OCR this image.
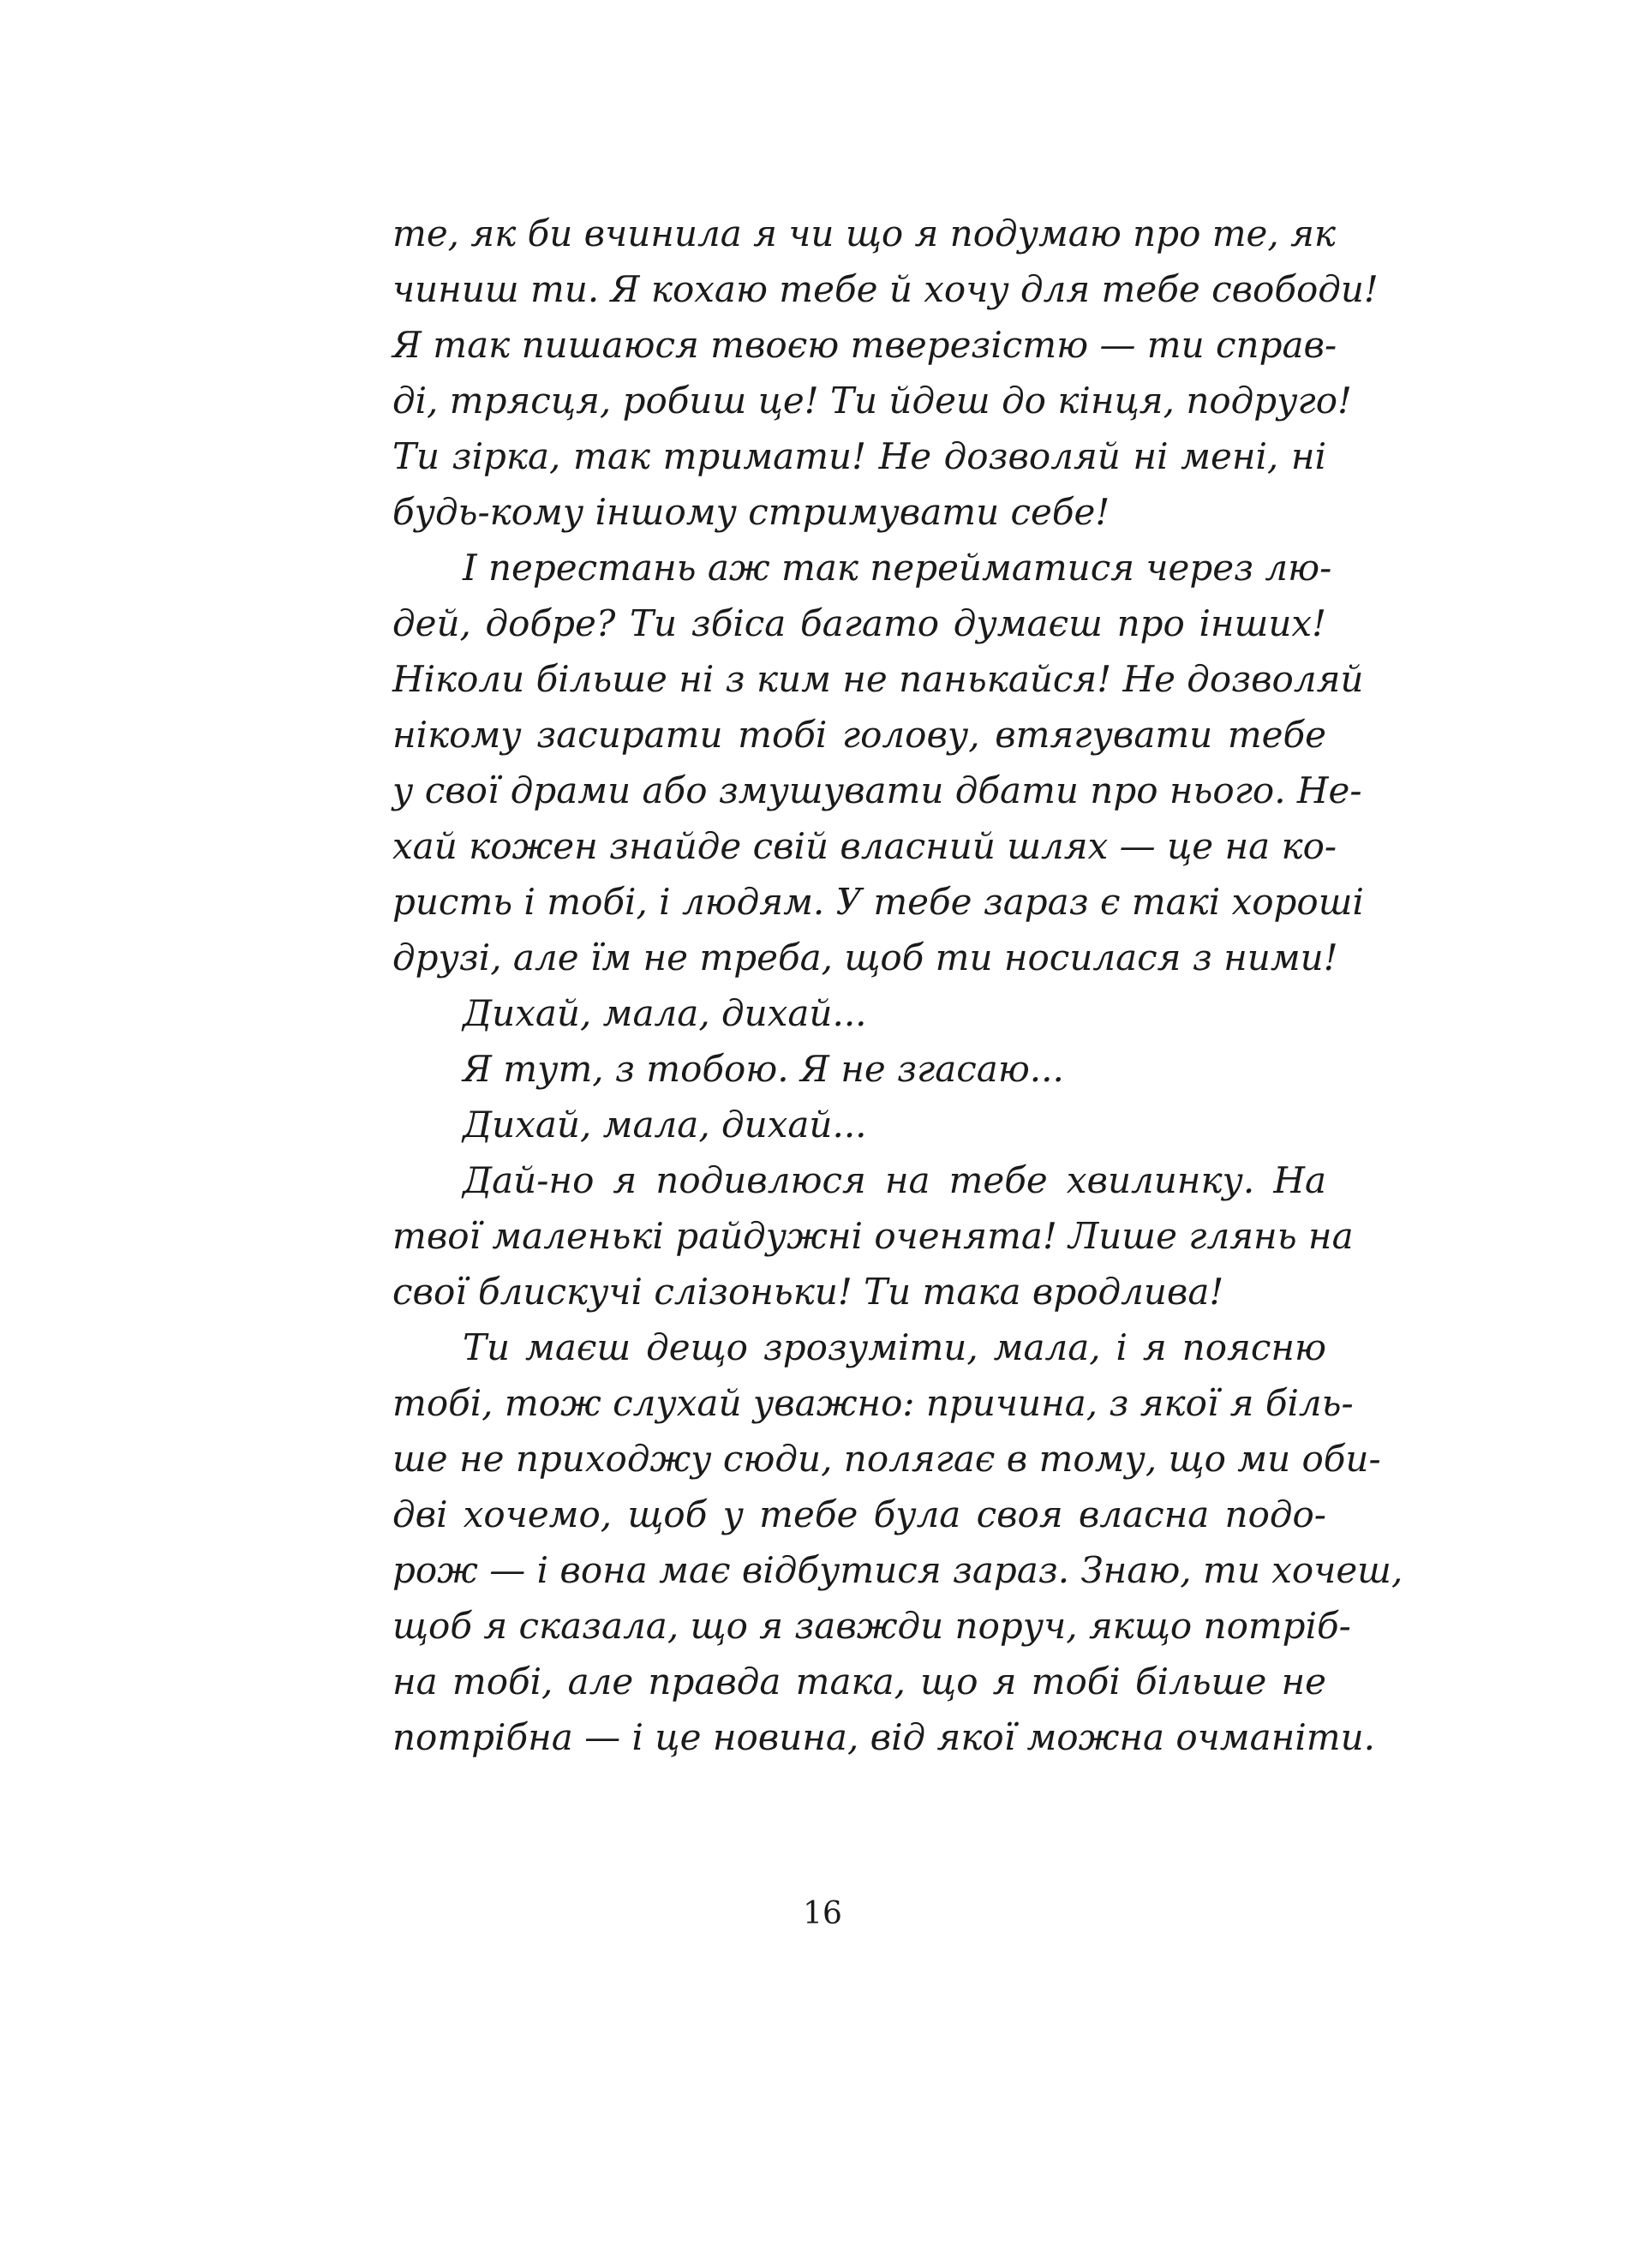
те, як би вчинила я чи що я подумаю про те, як
чиниш ти. Я кохаю тебе й хочу для тебе свободи!
Я так пишаюся твоєю тверезістю — ти справ-
ді, трясця, робиш це! Ти йдеш до кінця, подруго!
Ти зірка, так тримати! Не дозволяй ні мені, ні
будь-кому іншому стримувати себе!
І перестань аж так перейматися через лю-
дей, добре? Ти збіса багато думаєш про інших!
Ніколи більше ні з ким не панькайся! Не дозволяй
нікому засирати тобі голову, втягувати тебе
у свої драми або змушувати дбати про нього. Не-
хай кожен знайде свій власний шлях — це на ко-
ристь і тобі, і людям. У тебе зараз є такі хороші
друзі, але їм не треба, щоб ти носилася з ними!
Дихай, мала, дихай...
Я тут, з тобою. Я не згасаю...
Дихай, мала, дихай...
Дай-но я подивлюся на тебе хвилинку. На
твої маленькі райдужні оченята! Лише глянь на
свої блискучі слізоньки! Ти така вродлива!
Ти маєш дещо зрозуміти, мала, і я поясню
тобі, тож слухай уважно: причина, з якої я біль-
ше не приходжу сюди, полягає в тому, що ми оби-
дві хочемо, щоб у тебе була своя власна подо-
рож — і вона має відбутися зараз. Знаю, ти хочеш,
щоб я сказала, що я завжди поруч, якщо потріб-
на тобі, але правда така, що я тобі більше не
потрібна — і це новина, від якої можна очманіти.
16
